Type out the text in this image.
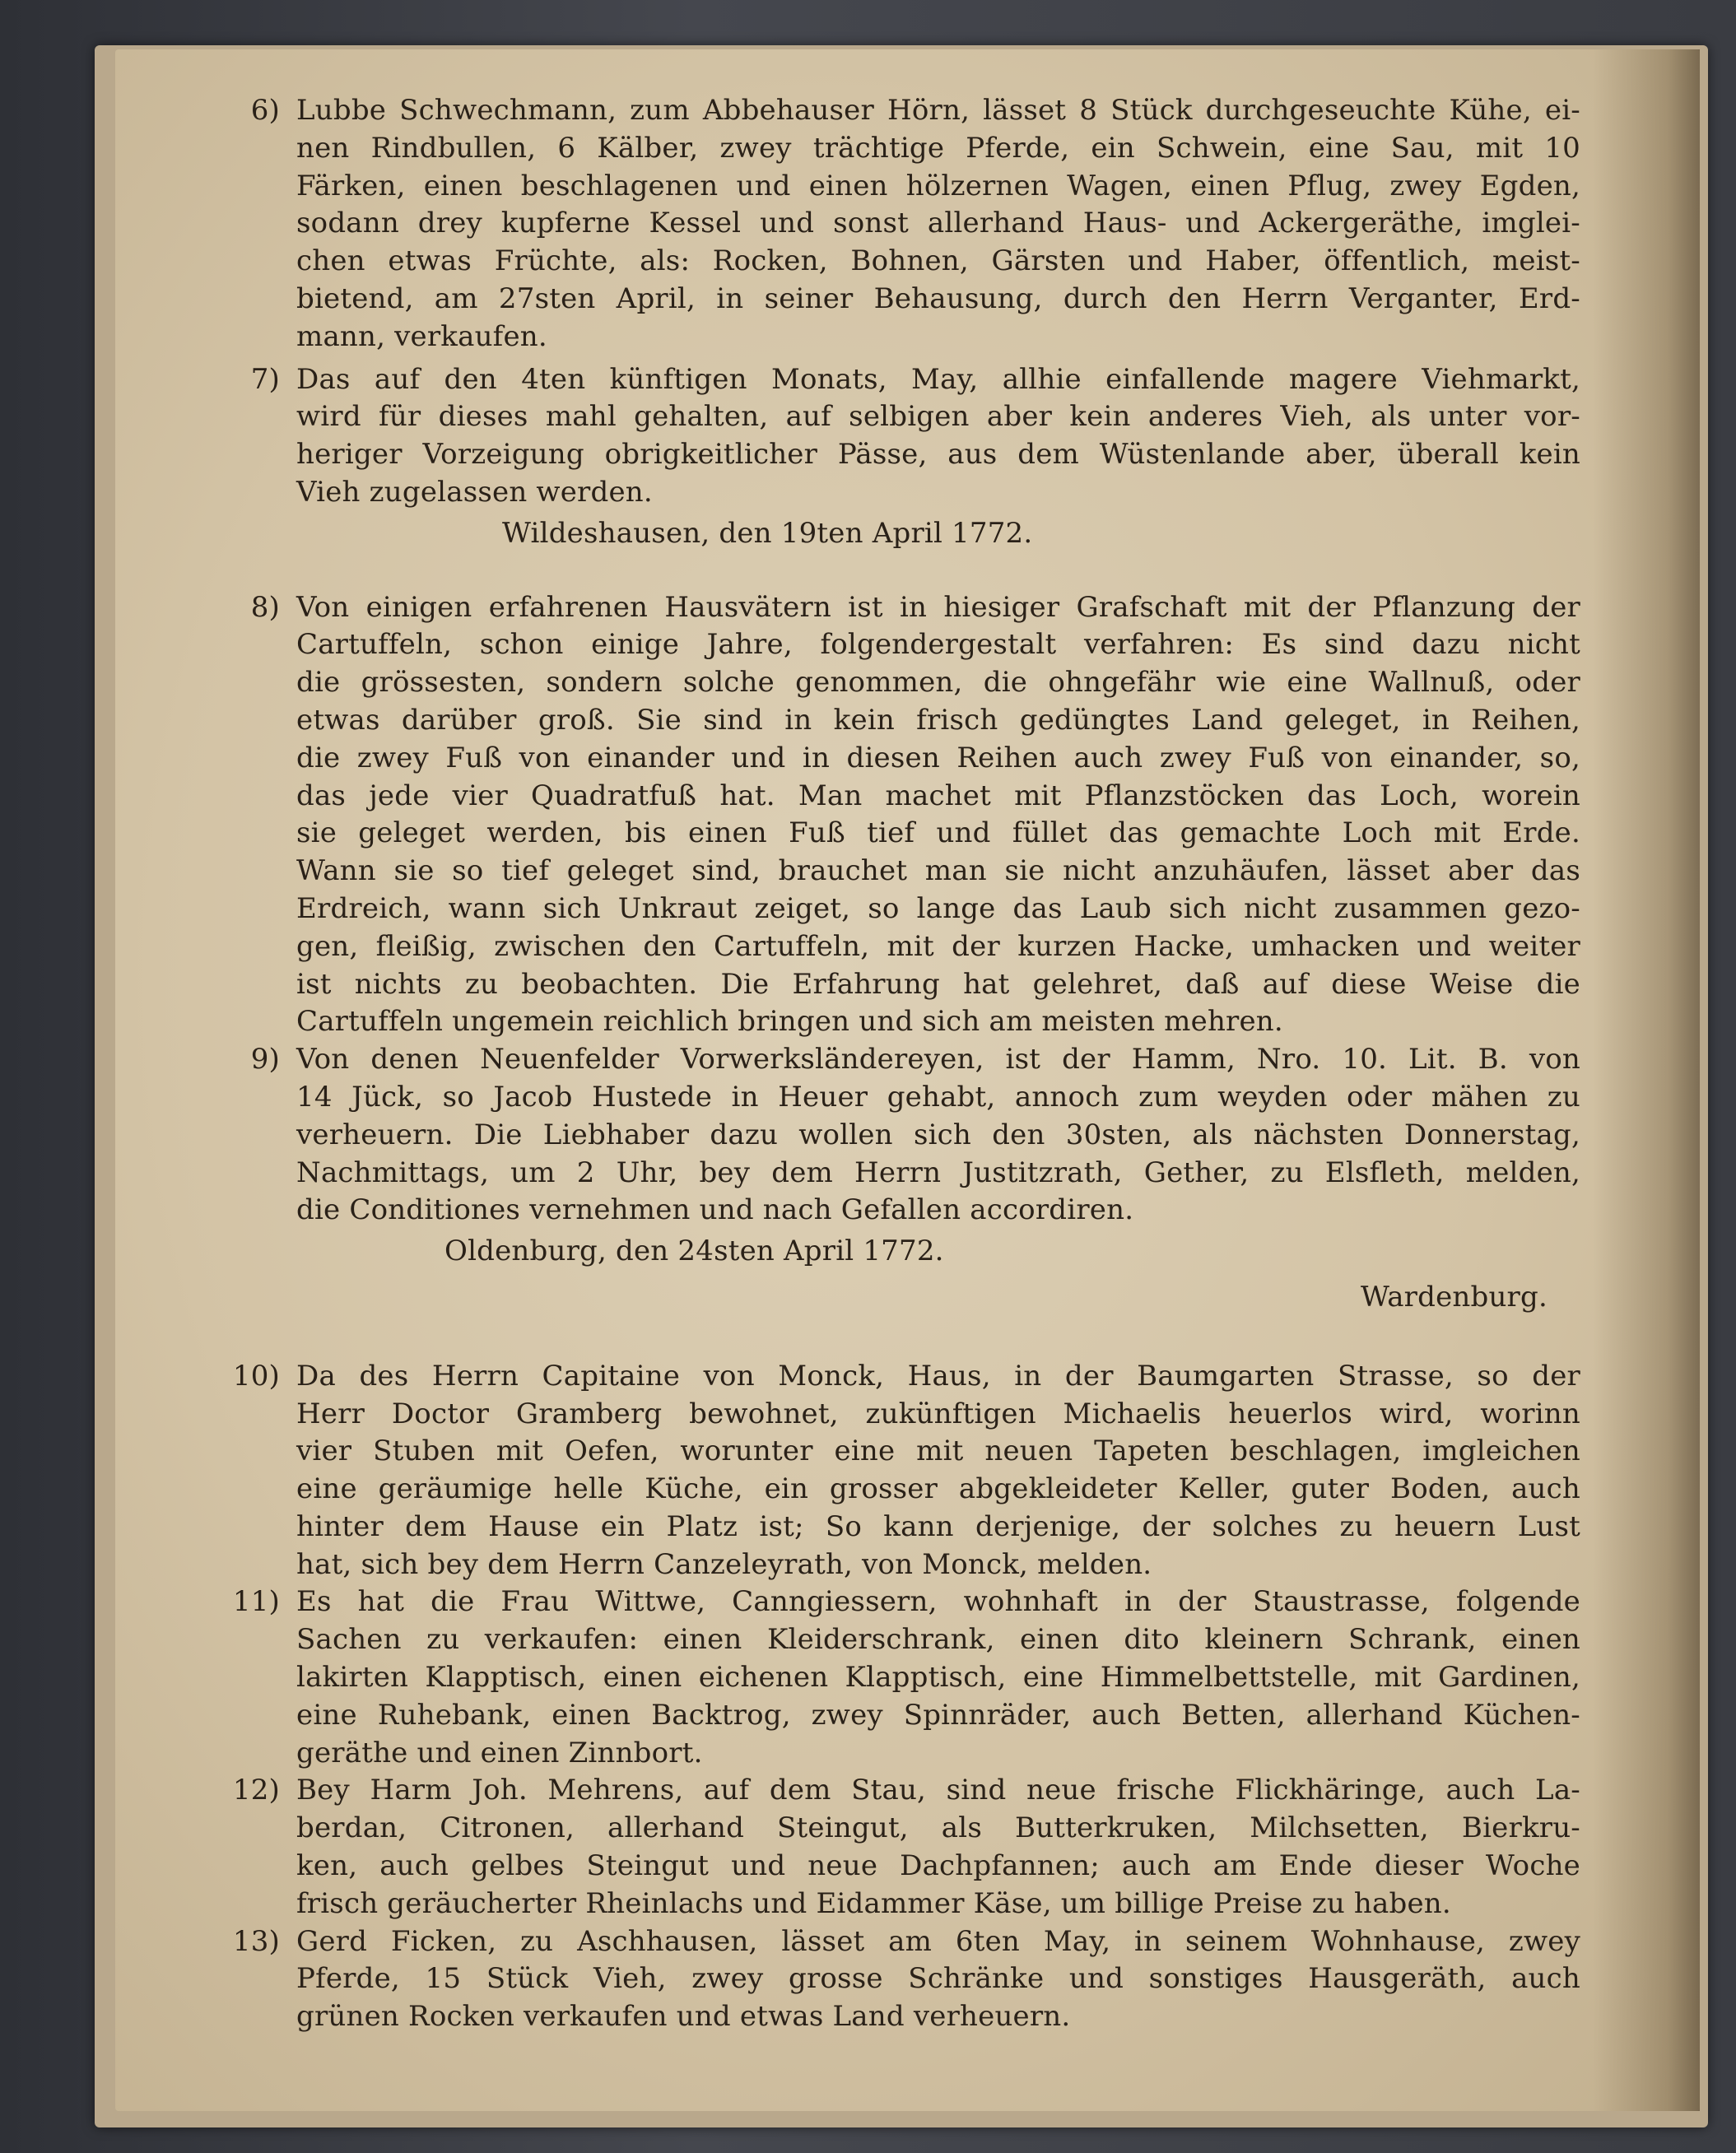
6) Lubbe Schwechmann, zum Abbehauser Hörn, lässet 8 Stück durchgeseuchte Kühe, ei-
nen Rindbullen, 6 Kälber, zwey trächtige Pferde, ein Schwein, eine Sau, mit 10
Färken, einen beschlagenen und einen hölzernen Wagen, einen Pflug, zwey Egden,
sodann drey kupferne Kessel und sonst allerhand Haus- und Ackergeräthe, imglei-
chen etwas Früchte, als: Rocken, Bohnen, Gärsten und Haber, öffentlich, meist-
bietend, am 27sten April, in seiner Behausung, durch den Herrn Verganter, Erd-
mann, verkaufen.
7) Das auf den 4ten künftigen Monats, May, allhie einfallende magere Viehmarkt,
wird für dieses mahl gehalten, auf selbigen aber kein anderes Vieh, als unter vor-
heriger Vorzeigung obrigkeitlicher Pässe, aus dem Wüstenlande aber, überall kein
Vieh zugelassen werden.
Wildeshausen, den 19ten April 1772.
8) Von einigen erfahrenen Hausvätern ist in hiesiger Grafschaft mit der Pflanzung der
Cartuffeln, schon einige Jahre, folgendergestalt verfahren: Es sind dazu nicht
die grössesten, sondern solche genommen, die ohngefähr wie eine Wallnuß, oder
etwas darüber groß. Sie sind in kein frisch gedüngtes Land geleget, in Reihen,
die zwey Fuß von einander und in diesen Reihen auch zwey Fuß von einander, so,
das jede vier Quadratfuß hat. Man machet mit Pflanzstöcken das Loch, worein
sie geleget werden, bis einen Fuß tief und füllet das gemachte Loch mit Erde.
Wann sie so tief geleget sind, brauchet man sie nicht anzuhäufen, lässet aber das
Erdreich, wann sich Unkraut zeiget, so lange das Laub sich nicht zusammen gezo-
gen, fleißig, zwischen den Cartuffeln, mit der kurzen Hacke, umhacken und weiter
ist nichts zu beobachten. Die Erfahrung hat gelehret, daß auf diese Weise die
Cartuffeln ungemein reichlich bringen und sich am meisten mehren.
9) Von denen Neuenfelder Vorwerksländereyen, ist der Hamm, Nro. 10. Lit. B. von
14 Jück, so Jacob Hustede in Heuer gehabt, annoch zum weyden oder mähen zu
verheuern. Die Liebhaber dazu wollen sich den 30sten, als nächsten Donnerstag,
Nachmittags, um 2 Uhr, bey dem Herrn Justitzrath, Gether, zu Elsfleth, melden,
die Conditiones vernehmen und nach Gefallen accordiren.
Oldenburg, den 24sten April 1772.
Wardenburg.
10) Da des Herrn Capitaine von Monck, Haus, in der Baumgarten Strasse, so der
Herr Doctor Gramberg bewohnet, zukünftigen Michaelis heuerlos wird, worinn
vier Stuben mit Oefen, worunter eine mit neuen Tapeten beschlagen, imgleichen
eine geräumige helle Küche, ein grosser abgekleideter Keller, guter Boden, auch
hinter dem Hause ein Platz ist; So kann derjenige, der solches zu heuern Lust
hat, sich bey dem Herrn Canzeleyrath, von Monck, melden.
11) Es hat die Frau Wittwe, Canngiessern, wohnhaft in der Staustrasse, folgende
Sachen zu verkaufen: einen Kleiderschrank, einen dito kleinern Schrank, einen
lakirten Klapptisch, einen eichenen Klapptisch, eine Himmelbettstelle, mit Gardinen,
eine Ruhebank, einen Backtrog, zwey Spinnräder, auch Betten, allerhand Küchen-
geräthe und einen Zinnbort.
12) Bey Harm Joh. Mehrens, auf dem Stau, sind neue frische Flickhäringe, auch La-
berdan, Citronen, allerhand Steingut, als Butterkruken, Milchsetten, Bierkru-
ken, auch gelbes Steingut und neue Dachpfannen; auch am Ende dieser Woche
frisch geräucherter Rheinlachs und Eidammer Käse, um billige Preise zu haben.
13) Gerd Ficken, zu Aschhausen, lässet am 6ten May, in seinem Wohnhause, zwey
Pferde, 15 Stück Vieh, zwey grosse Schränke und sonstiges Hausgeräth, auch
grünen Rocken verkaufen und etwas Land verheuern.
